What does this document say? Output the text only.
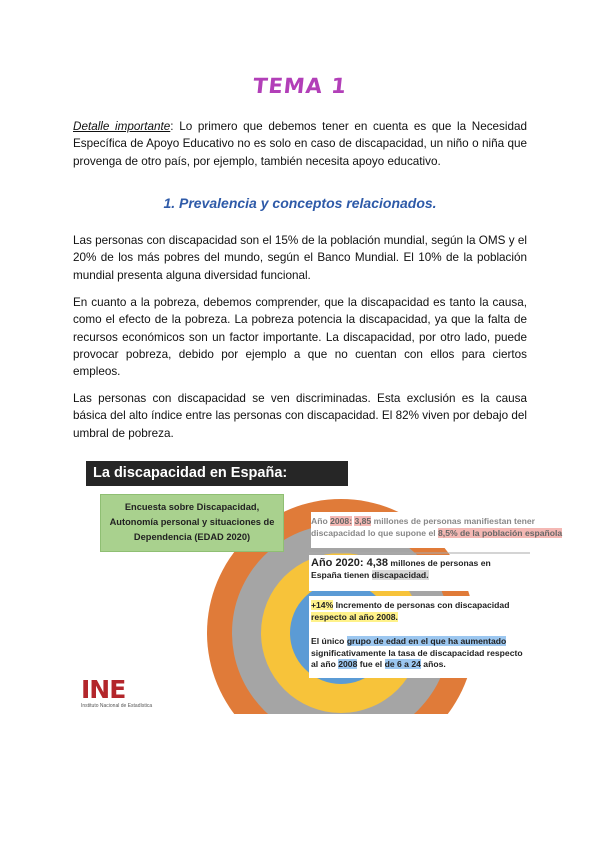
TEMA 1

Detalle importante: Lo primero que debemos tener en cuenta es que la Necesidad Específica de Apoyo Educativo no es solo en caso de discapacidad, un niño o niña que provenga de otro país, por ejemplo, también necesita apoyo educativo.

1. Prevalencia y conceptos relacionados.

Las personas con discapacidad son el 15% de la población mundial, según la OMS y el 20% de los más pobres del mundo, según el Banco Mundial. El 10% de la población mundial presenta alguna diversidad funcional.

En cuanto a la pobreza, debemos comprender, que la discapacidad es tanto la causa, como el efecto de la pobreza. La pobreza potencia la discapacidad, ya que la falta de recursos económicos son un factor importante. La discapacidad, por otro lado, puede provocar pobreza, debido por ejemplo a que no cuentan con ellos para ciertos empleos.

Las personas con discapacidad se ven discriminadas. Esta exclusión es la causa básica del alto índice entre las personas con discapacidad. El 82% viven por debajo del umbral de pobreza.

La discapacidad en España:
Encuesta sobre Discapacidad,
Autonomía personal y situaciones de
Dependencia (EDAD 2020)
Año 2008: 3,85 millones de personas manifiestan tener
discapacidad lo que supone el 8,5% de la población española
Año 2020: 4,38 millones de personas en
España tienen discapacidad.
+14% Incremento de personas con discapacidad
respecto al año 2008.
El único grupo de edad en el que ha aumentado
significativamente la tasa de discapacidad respecto
al año 2008 fue el de 6 a 24 años.
INE
Instituto Nacional de Estadística
